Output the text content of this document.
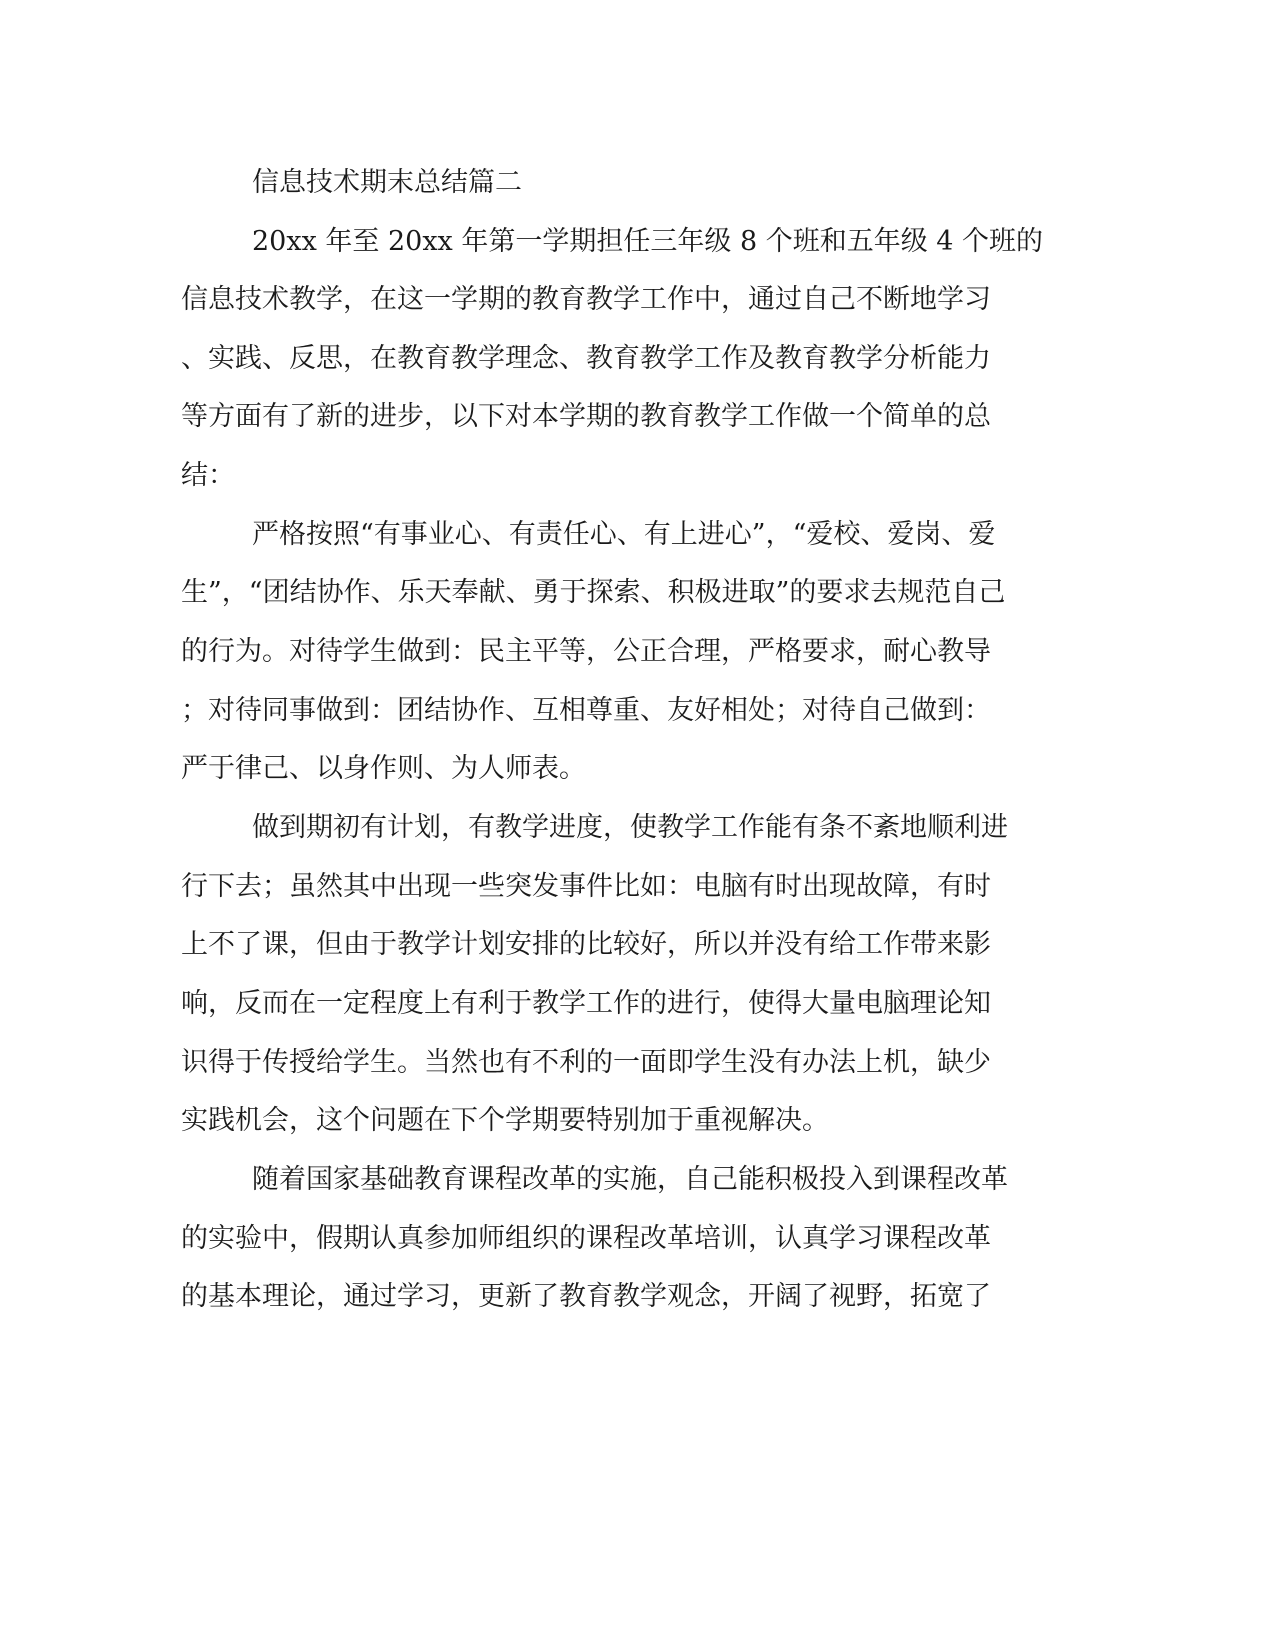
信息技术期末总结篇二

20xx 年至 20xx 年第一学期担任三年级 8 个班和五年级 4 个班的

信息技术教学，在这一学期的教育教学工作中，通过自己不断地学习

、实践、反思，在教育教学理念、教育教学工作及教育教学分析能力

等方面有了新的进步，以下对本学期的教育教学工作做一个简单的总

结：

严格按照“有事业心、有责任心、有上进心”，“爱校、爱岗、爱

生”，“团结协作、乐天奉献、勇于探索、积极进取”的要求去规范自己

的行为。对待学生做到：民主平等，公正合理，严格要求，耐心教导

；对待同事做到：团结协作、互相尊重、友好相处；对待自己做到：

严于律己、以身作则、为人师表。

做到期初有计划，有教学进度，使教学工作能有条不紊地顺利进

行下去；虽然其中出现一些突发事件比如：电脑有时出现故障，有时

上不了课，但由于教学计划安排的比较好，所以并没有给工作带来影

响，反而在一定程度上有利于教学工作的进行，使得大量电脑理论知

识得于传授给学生。当然也有不利的一面即学生没有办法上机，缺少

实践机会，这个问题在下个学期要特别加于重视解决。

随着国家基础教育课程改革的实施，自己能积极投入到课程改革

的实验中，假期认真参加师组织的课程改革培训，认真学习课程改革

的基本理论，通过学习，更新了教育教学观念，开阔了视野，拓宽了
